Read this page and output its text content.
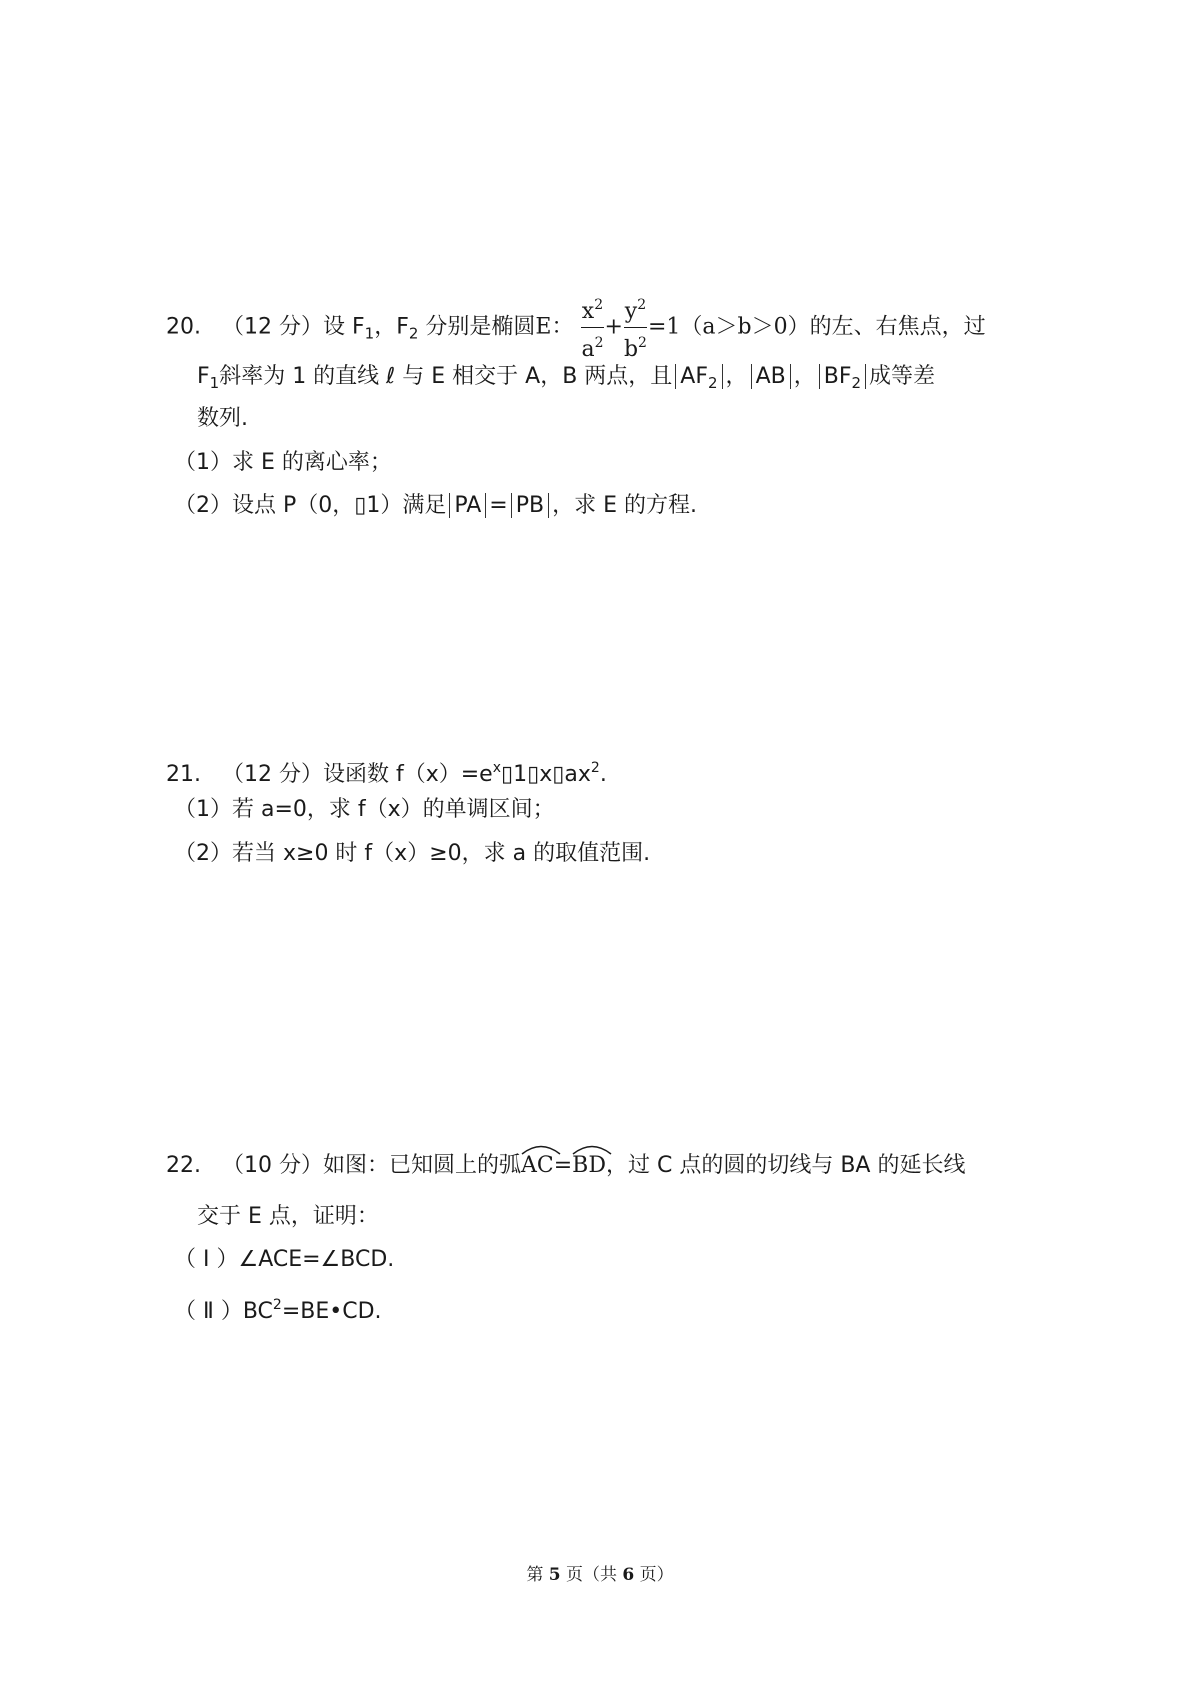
20. （12 分）设 $F_1$，$F_2$ 分别是椭圆E： $\frac{x^2}{a^2} + \frac{y^2}{b^2} =1(a>b>0)$的左、右焦点，过
$F_1$斜率为 1 的直线 ℓ 与 E 相交于 A，B 两点，且 $AF_2$ ， AB ， $BF_2$ 成等差
数列.
（1）求 E 的离心率；
（2）设点 P（0，▯1）满足 PA = PB ，求 E 的方程.
21. （12 分）设函数 $f(x)=e^x▯1▯x▯ax^2$.
（1）若 a=0，求 f（x）的单调区间；
（2）若当 x≥0 时 f（x）≥0，求 a 的取值范围.
22. （10 分）如图：已知圆上的弧
AC=
BD，过 C 点的圆的切线与 BA 的延长线
交于 E 点，证明：
（ Ⅰ ）∠ACE=∠BCD.
（ Ⅱ ）$BC^2=BE•CD$.
第 5 页（共 6 页）
